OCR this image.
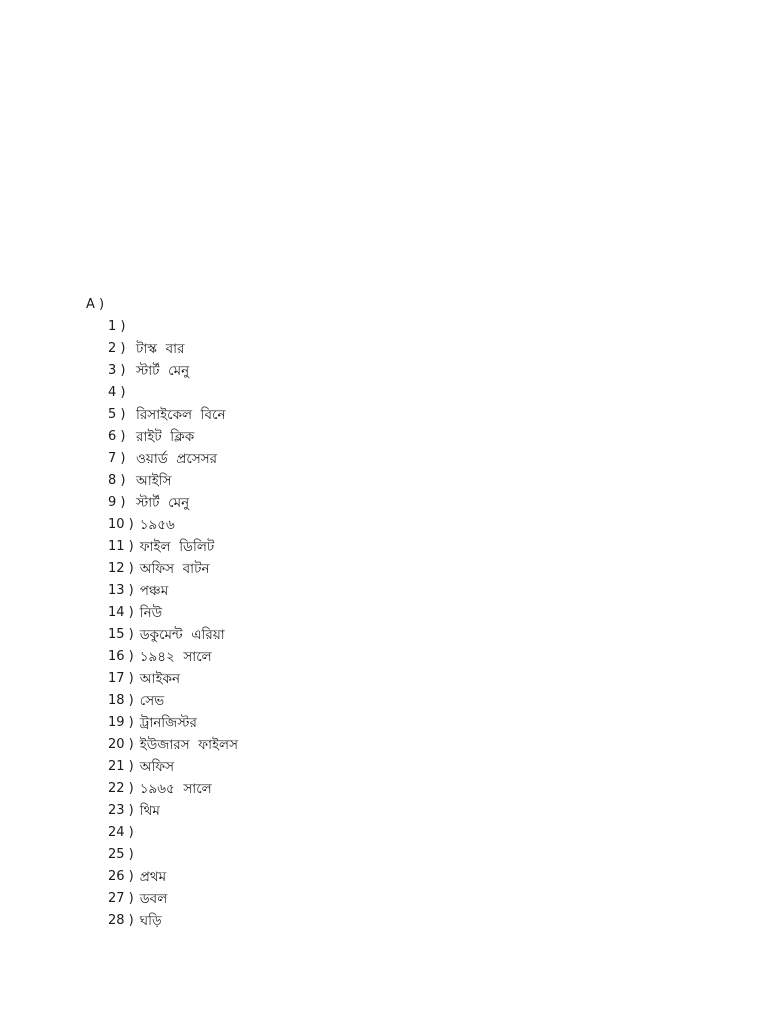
A )
1 )
2 ) টাস্ক  বার
3 ) স্টার্ট  মেনু
4 )
5 ) রিসাইকেল  বিনে
6 ) রাইট  ক্লিক
7 ) ওয়ার্ড  প্রসেসর
8 ) আইসি
9 ) স্টার্ট  মেনু
10 ) ১৯৫৬
11 ) ফাইল  ডিলিট
12 ) অফিস  বাটন
13 ) পঞ্চম
14 ) নিউ
15 ) ডকুমেন্ট  এরিয়া
16 ) ১৯৪২  সালে
17 ) আইকন
18 ) সেভ
19 ) ট্রানজিস্টর
20 ) ইউজারস  ফাইলস
21 ) অফিস
22 ) ১৯৬৫  সালে
23 ) থিম
24 )
25 )
26 ) প্রথম
27 ) ডবল
28 ) ঘড়ি
